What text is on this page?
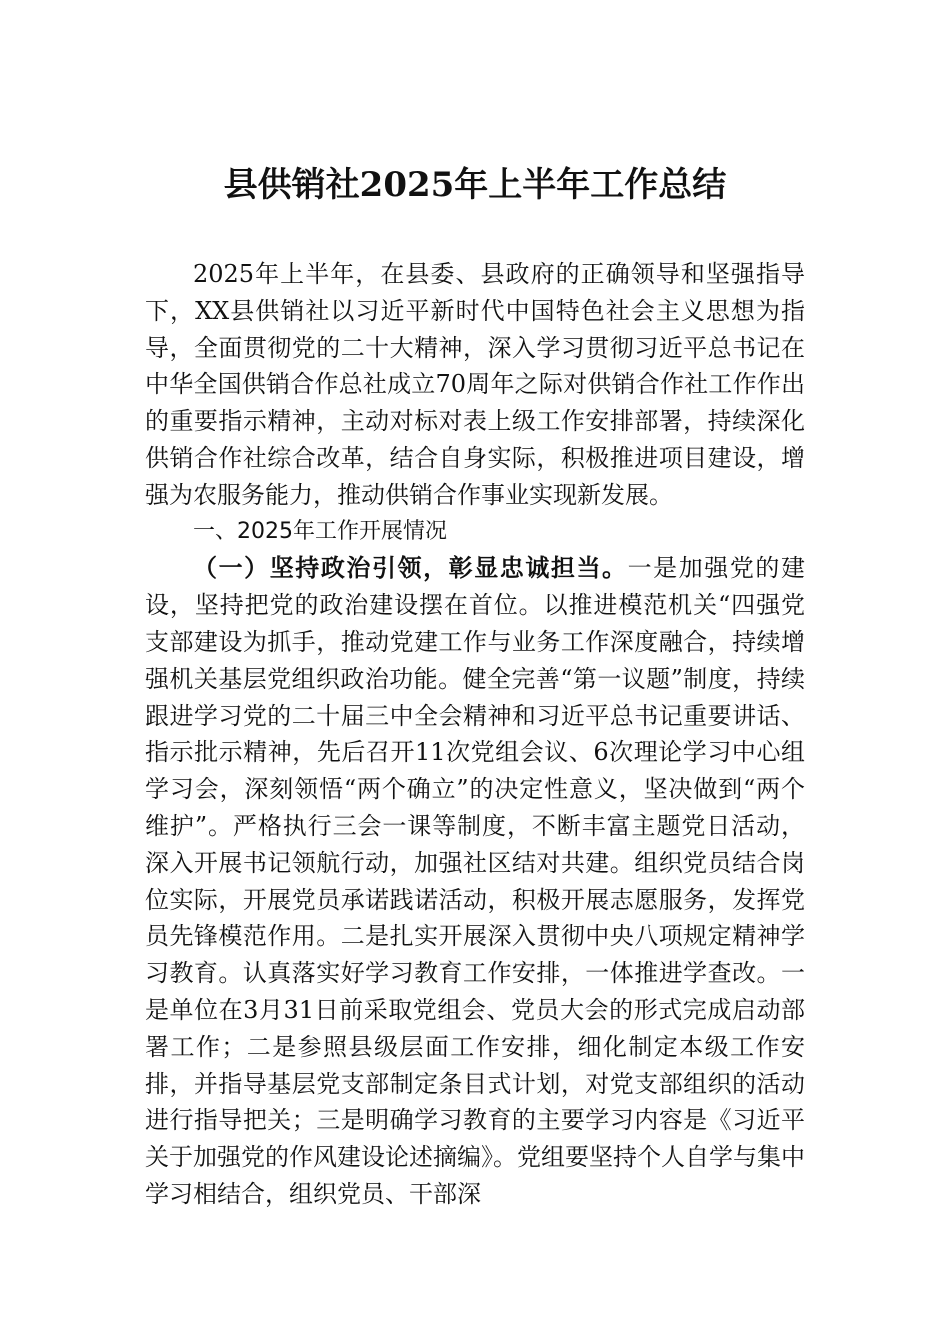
县供销社2025年上半年工作总结

2025年上半年，在县委、县政府的正确领导和坚强指导下，XX县供销社以习近平新时代中国特色社会主义思想为指导，全面贯彻党的二十大精神，深入学习贯彻习近平总书记在中华全国供销合作总社成立70周年之际对供销合作社工作作出的重要指示精神，主动对标对表上级工作安排部署，持续深化供销合作社综合改革，结合自身实际，积极推进项目建设，增强为农服务能力，推动供销合作事业实现新发展。

一、2025年工作开展情况

（一）坚持政治引领，彰显忠诚担当。一是加强党的建设，坚持把党的政治建设摆在首位。以推进模范机关“四强党支部建设为抓手，推动党建工作与业务工作深度融合，持续增强机关基层党组织政治功能。健全完善“第一议题”制度，持续跟进学习党的二十届三中全会精神和习近平总书记重要讲话、指示批示精神，先后召开11次党组会议、6次理论学习中心组学习会，深刻领悟“两个确立”的决定性意义，坚决做到“两个维护”。严格执行三会一课等制度，不断丰富主题党日活动，深入开展书记领航行动，加强社区结对共建。组织党员结合岗位实际，开展党员承诺践诺活动，积极开展志愿服务，发挥党员先锋模范作用。二是扎实开展深入贯彻中央八项规定精神学习教育。认真落实好学习教育工作安排，一体推进学查改。一是单位在3月31日前采取党组会、党员大会的形式完成启动部署工作；二是参照县级层面工作安排，细化制定本级工作安排，并指导基层党支部制定条目式计划，对党支部组织的活动进行指导把关；三是明确学习教育的主要学习内容是《习近平关于加强党的作风建设论述摘编》。党组要坚持个人自学与集中学习相结合，组织党员、干部深
